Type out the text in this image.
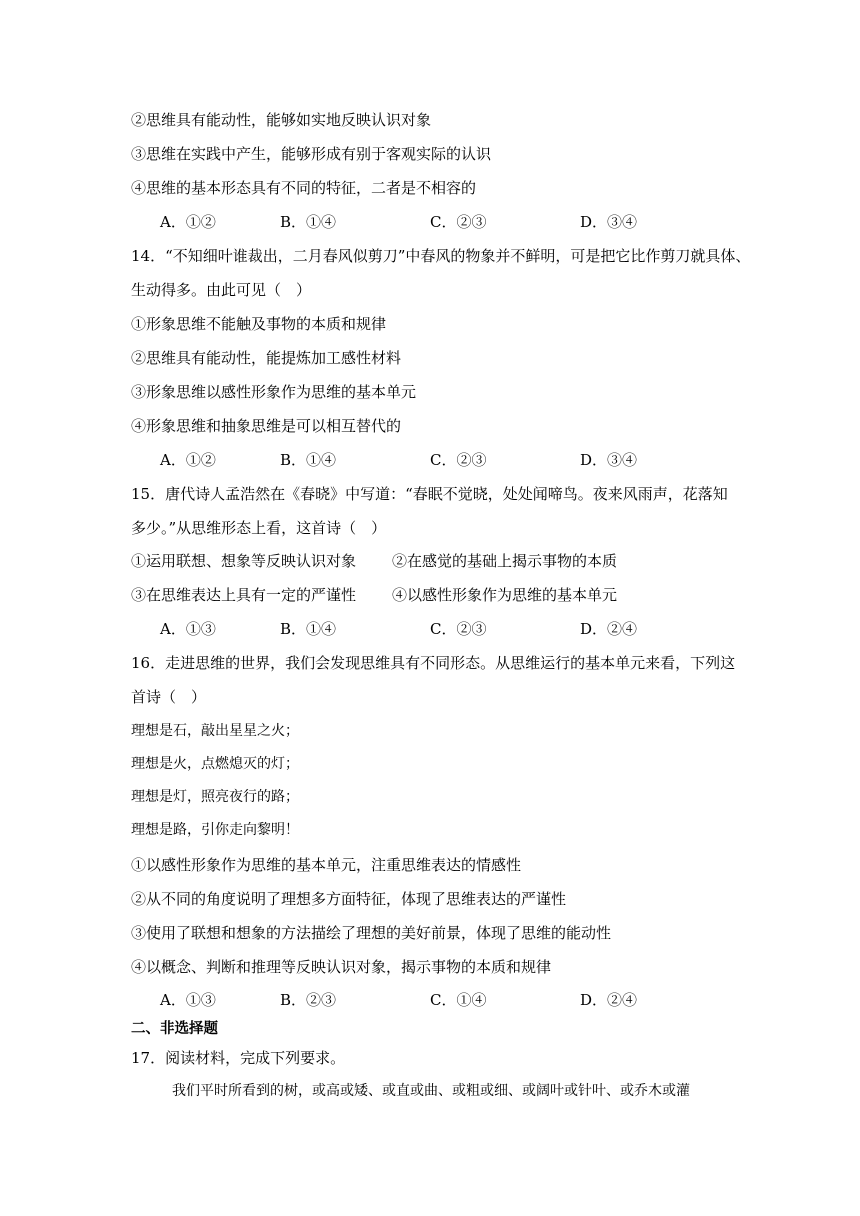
②思维具有能动性，能够如实地反映认识对象
③思维在实践中产生，能够形成有别于客观实际的认识
④思维的基本形态具有不同的特征，二者是不相容的
A．①②	B．①④	C．②③	D．③④
14．“不知细叶谁裁出，二月春风似剪刀”中春风的物象并不鲜明，可是把它比作剪刀就具体、
生动得多。由此可见（　）
①形象思维不能触及事物的本质和规律
②思维具有能动性，能提炼加工感性材料
③形象思维以感性形象作为思维的基本单元
④形象思维和抽象思维是可以相互替代的
A．①②	B．①④	C．②③	D．③④
15．唐代诗人孟浩然在《春晓》中写道：“春眠不觉晓，处处闻啼鸟。夜来风雨声，花落知
多少。”从思维形态上看，这首诗（　）
①运用联想、想象等反映认识对象 ②在感觉的基础上揭示事物的本质
③在思维表达上具有一定的严谨性 ④以感性形象作为思维的基本单元
A．①③	B．①④	C．②③	D．②④
16．走进思维的世界，我们会发现思维具有不同形态。从思维运行的基本单元来看，下列这
首诗（　）
理想是石，敲出星星之火；
理想是火，点燃熄灭的灯；
理想是灯，照亮夜行的路；
理想是路，引你走向黎明！
①以感性形象作为思维的基本单元，注重思维表达的情感性
②从不同的角度说明了理想多方面特征，体现了思维表达的严谨性
③使用了联想和想象的方法描绘了理想的美好前景，体现了思维的能动性
④以概念、判断和推理等反映认识对象，揭示事物的本质和规律
A．①③	B．②③	C．①④	D．②④
二、非选择题
17．阅读材料，完成下列要求。
我们平时所看到的树，或高或矮、或直或曲、或粗或细、或阔叶或针叶、或乔木或灌
